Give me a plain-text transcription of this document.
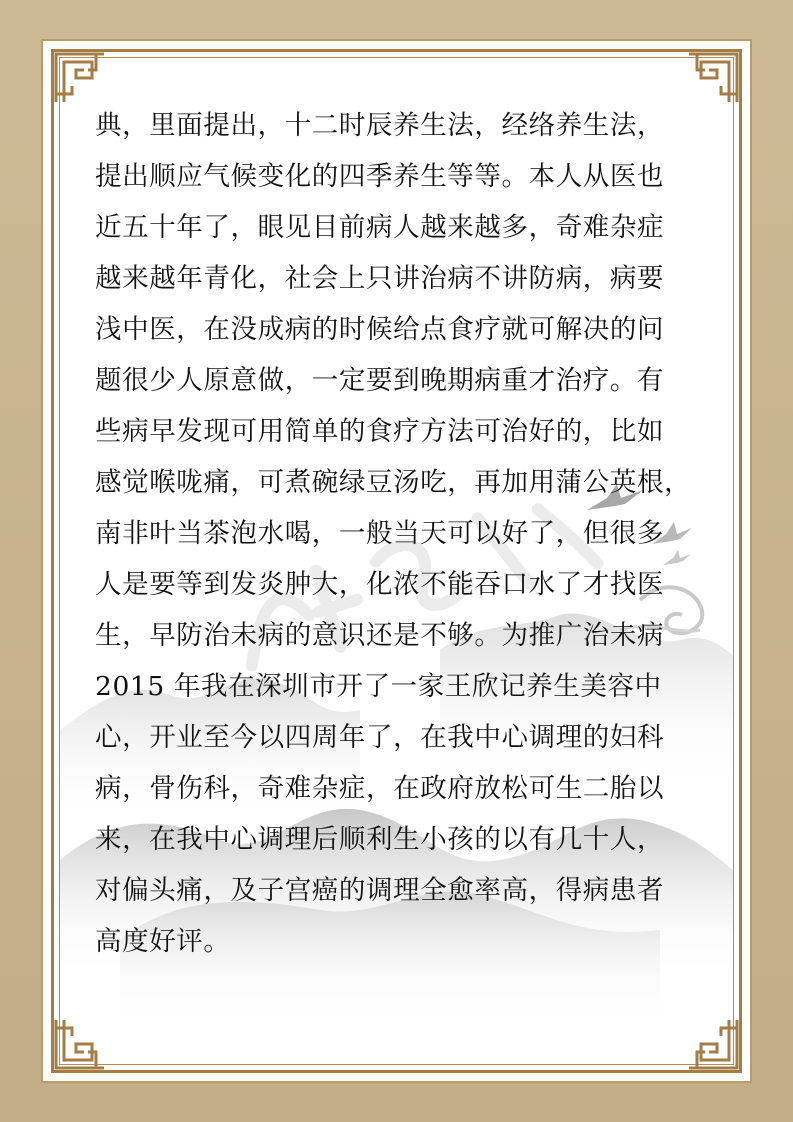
典，里面提出，十二时辰养生法，经络养生法，
提出顺应气候变化的四季养生等等。本人从医也
近五十年了，眼见目前病人越来越多，奇难杂症
越来越年青化，社会上只讲治病不讲防病，病要
浅中医，在没成病的时候给点食疗就可解决的问
题很少人原意做，一定要到晚期病重才治疗。有
些病早发现可用简单的食疗方法可治好的，比如
感觉喉咙痛，可煮碗绿豆汤吃，再加用蒲公英根，
南非叶当茶泡水喝，一般当天可以好了，但很多
人是要等到发炎肿大，化浓不能吞口水了才找医
生，早防治未病的意识还是不够。为推广治未病
2015 年我在深圳市开了一家王欣记养生美容中
心，开业至今以四周年了，在我中心调理的妇科
病，骨伤科，奇难杂症，在政府放松可生二胎以
来，在我中心调理后顺利生小孩的以有几十人，
对偏头痛，及子宫癌的调理全愈率高，得病患者
高度好评。
